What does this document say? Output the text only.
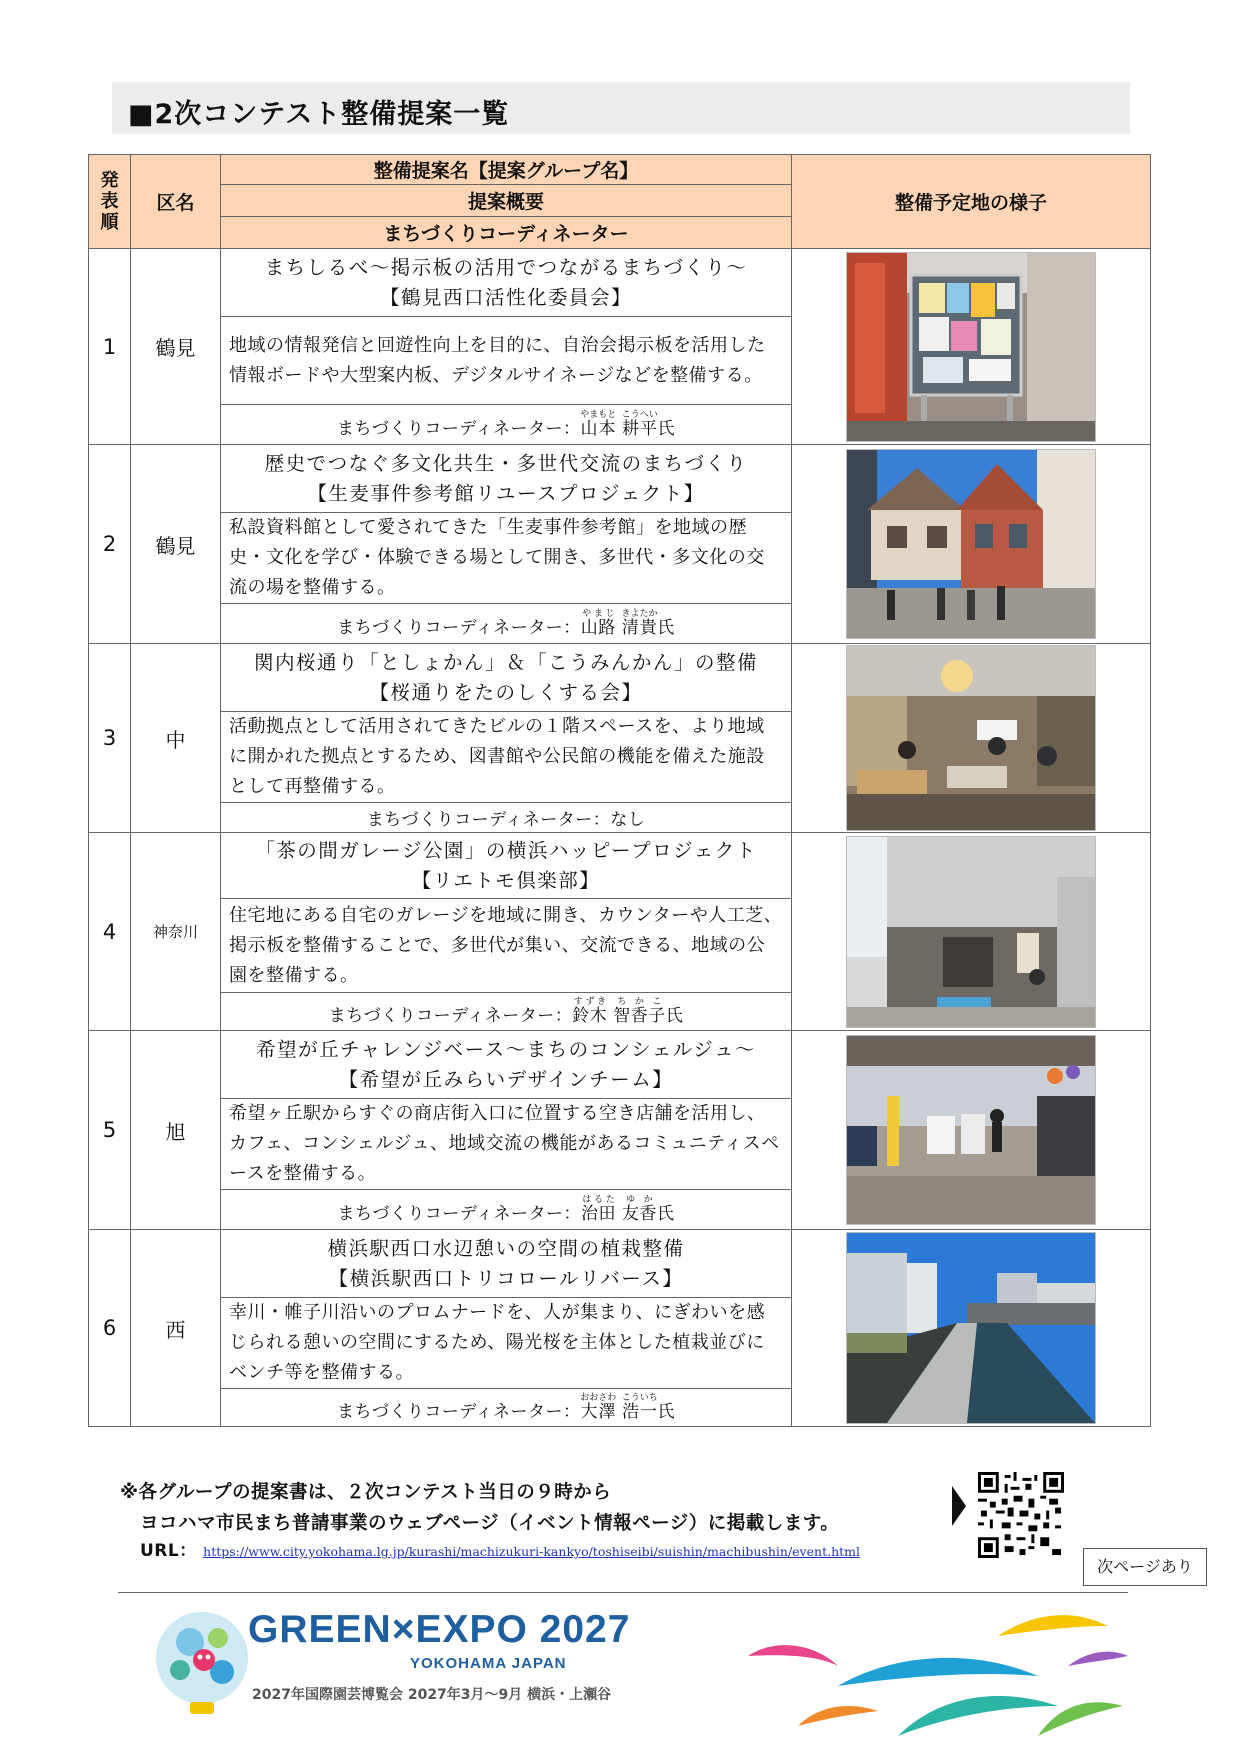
■2次コンテスト整備提案一覧
発
表
順	区名	整備提案名【提案グループ名】	整備予定地の様子
		提案概要	
		まちづくりコーディネーター	
1	鶴見	まちしるべ～掲示板の活用でつながるまちづくり～
【鶴見西口活性化委員会】	

		地域の情報発信と回遊性向上を目的に、自治会掲示板を活用した情報ボードや大型案内板、デジタルサイネージなどを整備する。	
		まちづくりコーディネーター：山本やまもと 耕平こうへい氏	
2	鶴見	歴史でつなぐ多文化共生・多世代交流のまちづくり
【生麦事件参考館リユースプロジェクト】	

		私設資料館として愛されてきた「生麦事件参考館」を地域の歴史・文化を学び・体験できる場として開き、多世代・多文化の交流の場を整備する。	
		まちづくりコーディネーター：山路やまじ 清貴きよたか氏	
3	中	関内桜通り「としょかん」＆「こうみんかん」の整備
【桜通りをたのしくする会】	

		活動拠点として活用されてきたビルの１階スペースを、より地域に開かれた拠点とするため、図書館や公民館の機能を備えた施設として再整備する。	
		まちづくりコーディネーター：なし	
4	神奈川	「茶の間ガレージ公園」の横浜ハッピープロジェクト
【リエトモ倶楽部】	

		住宅地にある自宅のガレージを地域に開き、カウンターや人工芝、掲示板を整備することで、多世代が集い、交流できる、地域の公園を整備する。	
		まちづくりコーディネーター：鈴木すずき 智香子ちかこ氏	
5	旭	希望が丘チャレンジベース～まちのコンシェルジュ～
【希望が丘みらいデザインチーム】	

		希望ヶ丘駅からすぐの商店街入口に位置する空き店舗を活用し、カフェ、コンシェルジュ、地域交流の機能があるコミュニティスペースを整備する。	
		まちづくりコーディネーター：治田はるた 友香ゆか氏	
6	西	横浜駅西口水辺憩いの空間の植栽整備
【横浜駅西口トリコロールリバース】	

		幸川・帷子川沿いのプロムナードを、人が集まり、にぎわいを感じられる憩いの空間にするため、陽光桜を主体とした植栽並びにベンチ等を整備する。	
		まちづくりコーディネーター：大澤おおさわ 浩一こういち氏	
※各グループの提案書は、２次コンテスト当日の９時から
ヨコハマ市民まち普請事業のウェブページ（イベント情報ページ）に掲載します。
URL： https://www.city.yokohama.lg.jp/kurashi/machizukuri-kankyo/toshiseibi/suishin/machibushin/event.html
次ページあり
GREEN×EXPO 2027
YOKOHAMA JAPAN
2027年国際園芸博覧会 2027年3月～9月 横浜・上瀬谷
